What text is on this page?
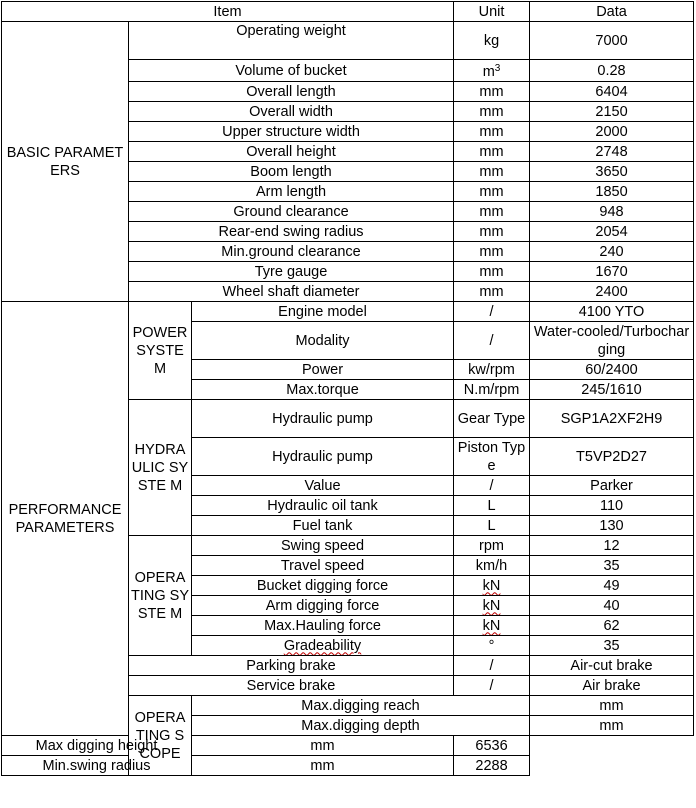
Item			Unit	Data	
BASIC PARAMETERS	Operating weight		kg	7000	
	Volume of bucket		$m^3$	0.28	
	Overall length		mm	6404	
	Overall width		mm	2150	
	Upper structure width		mm	2000	
	Overall height		mm	2748	
	Boom length		mm	3650	
	Arm length		mm	1850	
	Ground clearance		mm	948	
	Rear-end swing radius		mm	2054	
	Min.ground clearance		mm	240	
	Tyre gauge		mm	1670	
	Wheel shaft diameter		mm	2400	
PERFORMANCE PARAMETERS	POWER SYSTE M	Engine model	/	4100 YTO	
		Modality	/	Water-cooled/Turbocharging	
		Power	kw/rpm	60/2400	
		Max.torque	N.m/rpm	245/1610	
	HYDRA ULIC SYSTE M	Hydraulic pump	Gear Type	SGP1A2XF2H9	
		Hydraulic pump	Piston Type	T5VP2D27	
		Value	/	Parker	
		Hydraulic oil tank	L	110	
		Fuel tank	L	130	
	OPERA TING SYSTE M	Swing speed	rpm	12	
		Travel speed	km/h	35	
		Bucket digging force	kN	49	
		Arm digging force	kN	40	
		Max.Hauling force	kN	62	
		Gradeability	°	35	
	Parking brake		/	Air-cut brake	
	Service brake		/	Air brake	
	OPERATING SCOPE	Max.digging reach		mm	
		Max.digging depth		mm	
Max digging height		mm	6536		
Min.swing radius		mm	2288		
